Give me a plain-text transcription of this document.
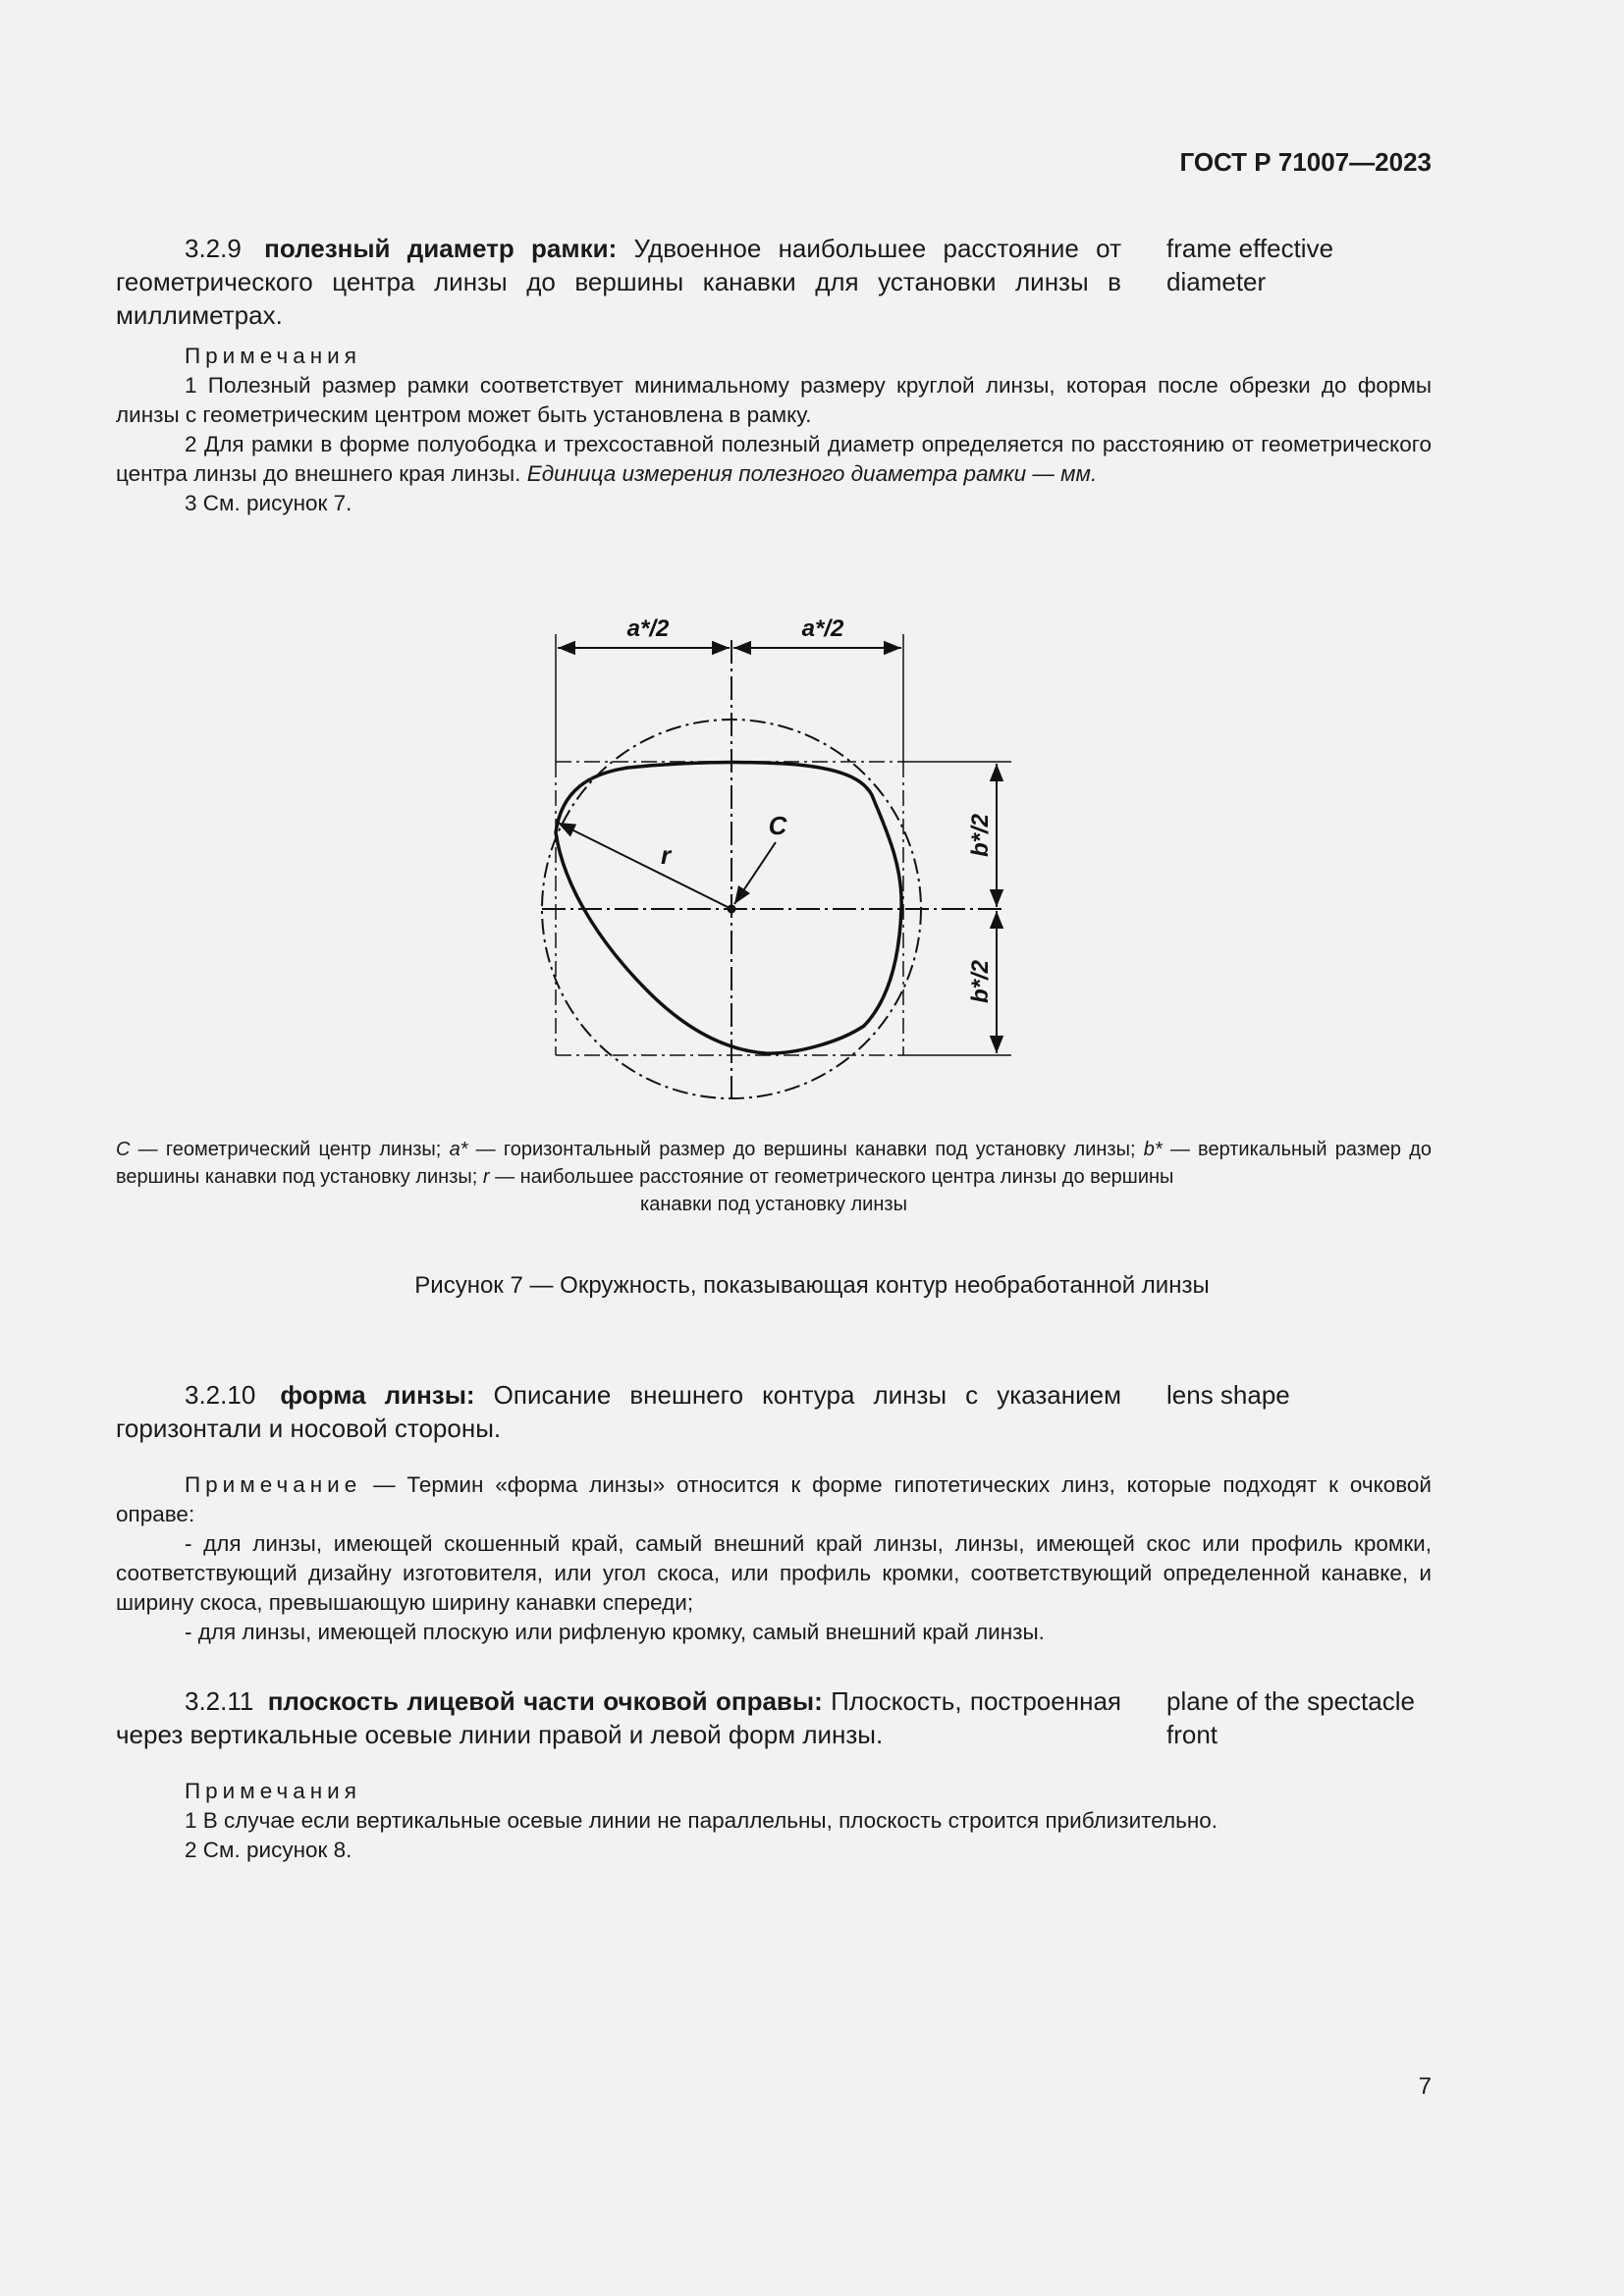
ГОСТ Р 71007—2023
3.2.9 полезный диаметр рамки: Удвоенное наибольшее расстояние от геометрического центра линзы до вершины канавки для установки линзы в миллиметрах.
frame effective
diameter

Примечания

1 Полезный размер рамки соответствует минимальному размеру круглой линзы, которая после обрезки до формы линзы с геометрическим центром может быть установлена в рамку.

2 Для рамки в форме полуободка и трехсоставной полезный диаметр определяется по расстоянию от геометрического центра линзы до внешнего края линзы. Единица измерения полезного диаметра рамки — мм.

3 См. рисунок 7.

a*/2	a*/2
C
r	b*/2
b*/2
C — геометрический центр линзы; a* — горизонтальный размер до вершины канавки под установку линзы; b* — вертикальный размер до вершины канавки под установку линзы; r — наибольшее расстояние от геометрического центра линзы до вершины
канавки под установку линзы
Рисунок 7 — Окружность, показывающая контур необработанной линзы
3.2.10 форма линзы: Описание внешнего контура линзы с указанием горизонтали и носовой стороны.
lens shape

Примечание — Термин «форма линзы» относится к форме гипотетических линз, которые подходят к очковой оправе:

- для линзы, имеющей скошенный край, самый внешний край линзы, линзы, имеющей скос или профиль кромки, соответствующий дизайну изготовителя, или угол скоса, или профиль кромки, соответствующий определенной канавке, и ширину скоса, превышающую ширину канавки спереди;

- для линзы, имеющей плоскую или рифленую кромку, самый внешний край линзы.

3.2.11 плоскость лицевой части очковой оправы: Плоскость, построенная через вертикальные осевые линии правой и левой форм линзы.
plane of the spectacle
front

Примечания

1 В случае если вертикальные осевые линии не параллельны, плоскость строится приблизительно.

2 См. рисунок 8.

7
